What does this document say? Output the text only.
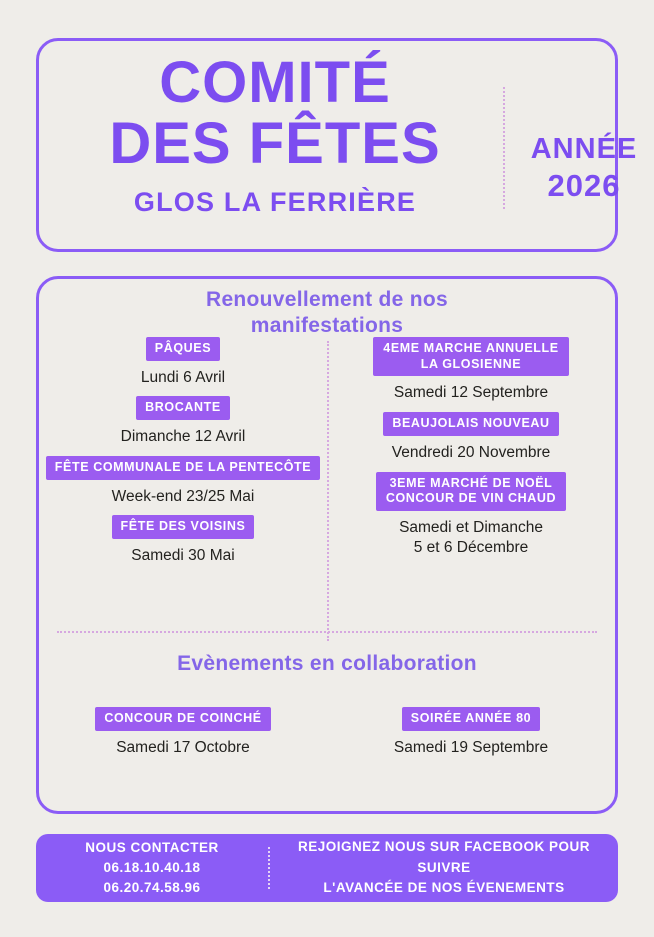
COMITÉ
DES FÊTES
GLOS LA FERRIÈRE
ANNÉE
2026
Renouvellement de nos
manifestations
PÂQUES
Lundi 6 Avril
BROCANTE
Dimanche 12 Avril
FÊTE COMMUNALE DE LA PENTECÔTE
Week-end 23/25 Mai
FÊTE DES VOISINS
Samedi 30 Mai
4EME MARCHE ANNUELLE
LA GLOSIENNE
Samedi 12 Septembre
BEAUJOLAIS NOUVEAU
Vendredi 20 Novembre
3EME MARCHÉ DE NOËL
CONCOUR DE VIN CHAUD
Samedi et Dimanche
5 et 6 Décembre
Evènements en collaboration
CONCOUR DE COINCHÉ
Samedi 17 Octobre
SOIRÉE ANNÉE 80
Samedi 19 Septembre
NOUS CONTACTER
06.18.10.40.18
06.20.74.58.96
REJOIGNEZ NOUS SUR FACEBOOK POUR SUIVRE
L'AVANCÉE DE NOS ÉVENEMENTS
